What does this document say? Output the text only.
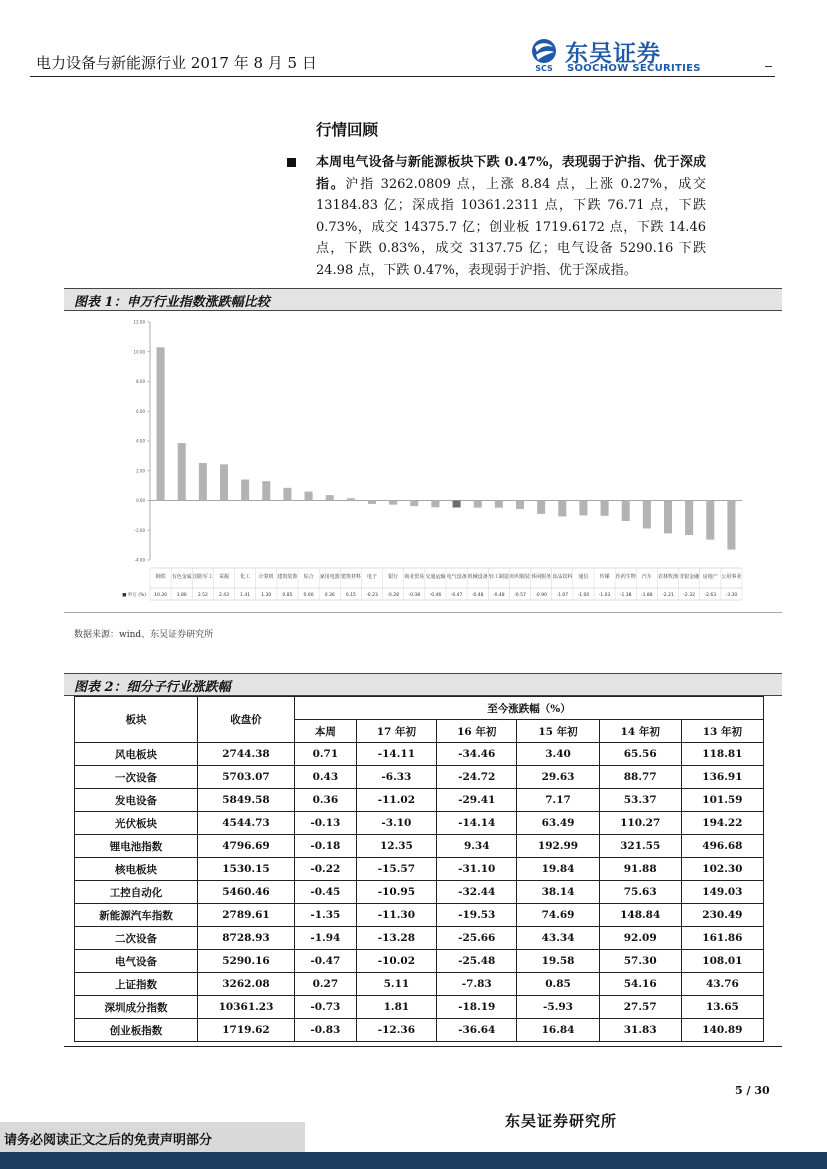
电力设备与新能源行业 2017 年 8 月 5 日	SCS
东吴证券
SOOCHOW SECURITIES
行情回顾
本周电气设备与新能源板块下跌 0.47%，表现弱于沪指、优于深成指。沪指 3262.0809 点，上涨 8.84 点，上涨 0.27%，成交 13184.83 亿；深成指 10361.2311 点，下跌 76.71 点，下跌 0.73%，成交 14375.7 亿；创业板 1719.6172 点，下跌 14.46 点，下跌 0.83%，成交 3137.75 亿；电气设备 5290.16 下跌 24.98 点，下跌 0.47%，表现弱于沪指、优于深成指。
图表 1：申万行业指数涨跌幅比较
12.00
10.00
8.00
6.00
4.00
2.00
0.00
-2.00
-4.00
钢铁 有色金属 国防军工 采掘 化工 计算机 建筑装饰 综合 家用电器 建筑材料 电子 银行 商业贸易 交通运输 电气设备 机械设备 轻工制造 纺织服装 休闲服务 食品饮料 通信 传媒 医药生物 汽车 农林牧渔 非银金融 房地产 公用事业
■ 申万 (%) 10.30 3.86 2.52 2.43 1.41 1.30 0.85 0.60 0.36 0.15 -0.23 -0.28 -0.38 -0.46 -0.47 -0.48 -0.48 -0.57 -0.90 -1.07 -1.00 -1.03 -1.38 -1.88 -2.21 -2.32 -2.63 -3.30
数据来源：wind、东吴证券研究所
图表 2：细分子行业涨跌幅
板块	收盘价	至今涨跌幅（%）					
		本周	17 年初	16 年初	15 年初	14 年初	13 年初
风电板块	2744.38	0.71	-14.11	-34.46	3.40	65.56	118.81
一次设备	5703.07	0.43	-6.33	-24.72	29.63	88.77	136.91
发电设备	5849.58	0.36	-11.02	-29.41	7.17	53.37	101.59
光伏板块	4544.73	-0.13	-3.10	-14.14	63.49	110.27	194.22
锂电池指数	4796.69	-0.18	12.35	9.34	192.99	321.55	496.68
核电板块	1530.15	-0.22	-15.57	-31.10	19.84	91.88	102.30
工控自动化	5460.46	-0.45	-10.95	-32.44	38.14	75.63	149.03
新能源汽车指数	2789.61	-1.35	-11.30	-19.53	74.69	148.84	230.49
二次设备	8728.93	-1.94	-13.28	-25.66	43.34	92.09	161.86
电气设备	5290.16	-0.47	-10.02	-25.48	19.58	57.30	108.01
上证指数	3262.08	0.27	5.11	-7.83	0.85	54.16	43.76
深圳成分指数	10361.23	-0.73	1.81	-18.19	-5.93	27.57	13.65
创业板指数	1719.62	-0.83	-12.36	-36.64	16.84	31.83	140.89
5 / 30
东吴证券研究所
请务必阅读正文之后的免责声明部分
